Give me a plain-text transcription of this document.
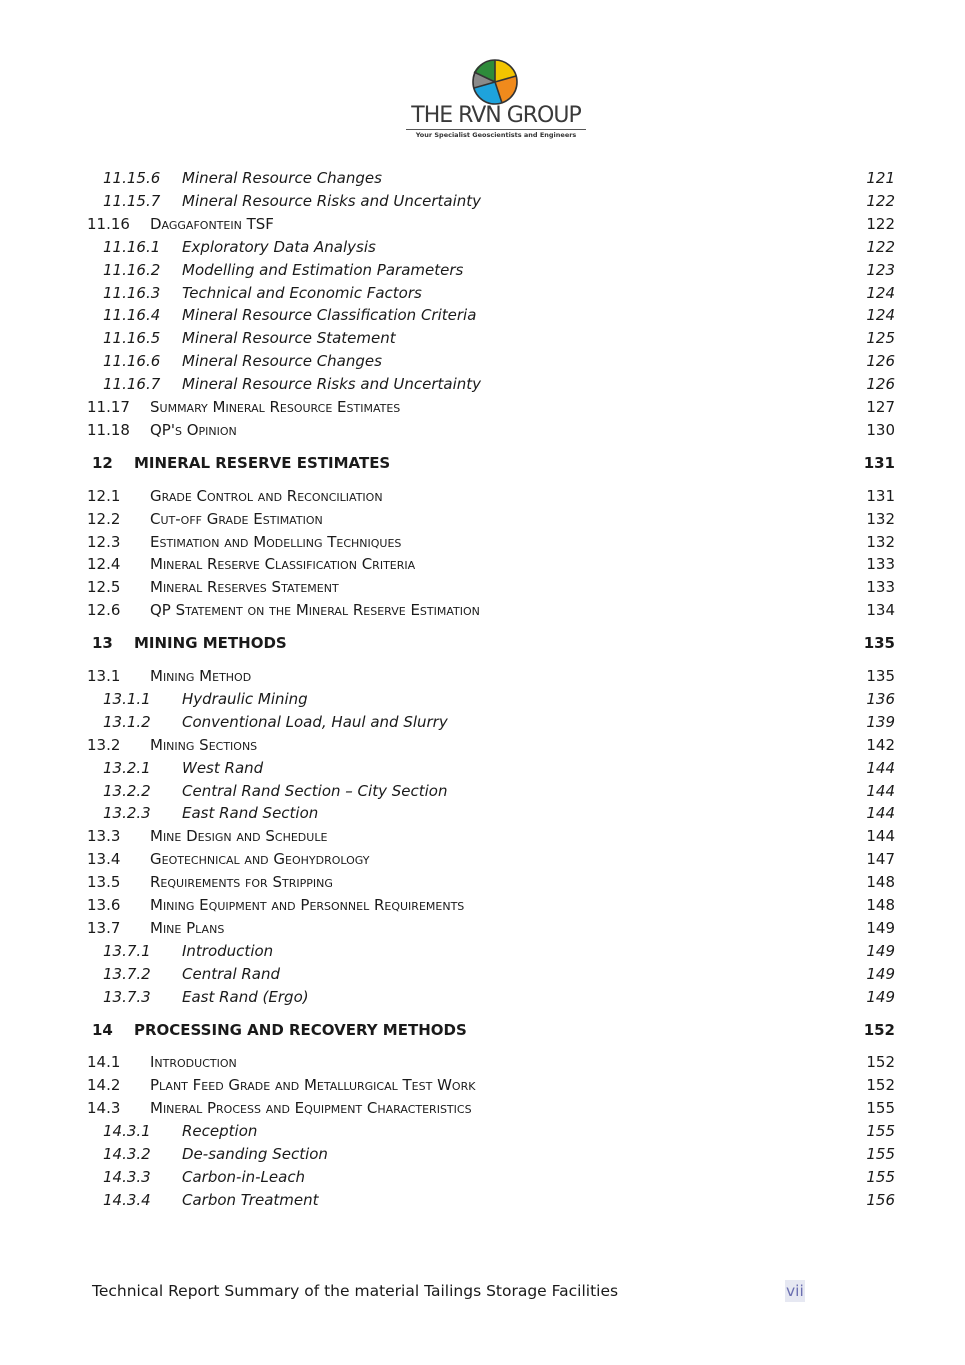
THE RVN GROUP
Your Specialist Geoscientists and Engineers
11.15.6 Mineral Resource Changes	121
11.15.7 Mineral Resource Risks and Uncertainty	122
11.16 Daggafontein TSF	122
11.16.1 Exploratory Data Analysis	122
11.16.2 Modelling and Estimation Parameters	123
11.16.3 Technical and Economic Factors	124
11.16.4 Mineral Resource Classification Criteria	124
11.16.5 Mineral Resource Statement	125
11.16.6 Mineral Resource Changes	126
11.16.7 Mineral Resource Risks and Uncertainty	126
11.17 Summary Mineral Resource Estimates	127
11.18 QP's Opinion	130
12 MINERAL RESERVE ESTIMATES	131
12.1 Grade Control and Reconciliation	131
12.2 Cut-off Grade Estimation	132
12.3 Estimation and Modelling Techniques	132
12.4 Mineral Reserve Classification Criteria	133
12.5 Mineral Reserves Statement	133
12.6 QP Statement on the Mineral Reserve Estimation	134
13 MINING METHODS	135
13.1 Mining Method	135
13.1.1 Hydraulic Mining	136
13.1.2 Conventional Load, Haul and Slurry	139
13.2 Mining Sections	142
13.2.1 West Rand	144
13.2.2 Central Rand Section – City Section	144
13.2.3 East Rand Section	144
13.3 Mine Design and Schedule	144
13.4 Geotechnical and Geohydrology	147
13.5 Requirements for Stripping	148
13.6 Mining Equipment and Personnel Requirements	148
13.7 Mine Plans	149
13.7.1 Introduction	149
13.7.2 Central Rand	149
13.7.3 East Rand (Ergo)	149
14 PROCESSING AND RECOVERY METHODS	152
14.1 Introduction	152
14.2 Plant Feed Grade and Metallurgical Test Work	152
14.3 Mineral Process and Equipment Characteristics	155
14.3.1 Reception	155
14.3.2 De-sanding Section	155
14.3.3 Carbon-in-Leach	155
14.3.4 Carbon Treatment	156
Technical Report Summary of the material Tailings Storage Facilities	vii
